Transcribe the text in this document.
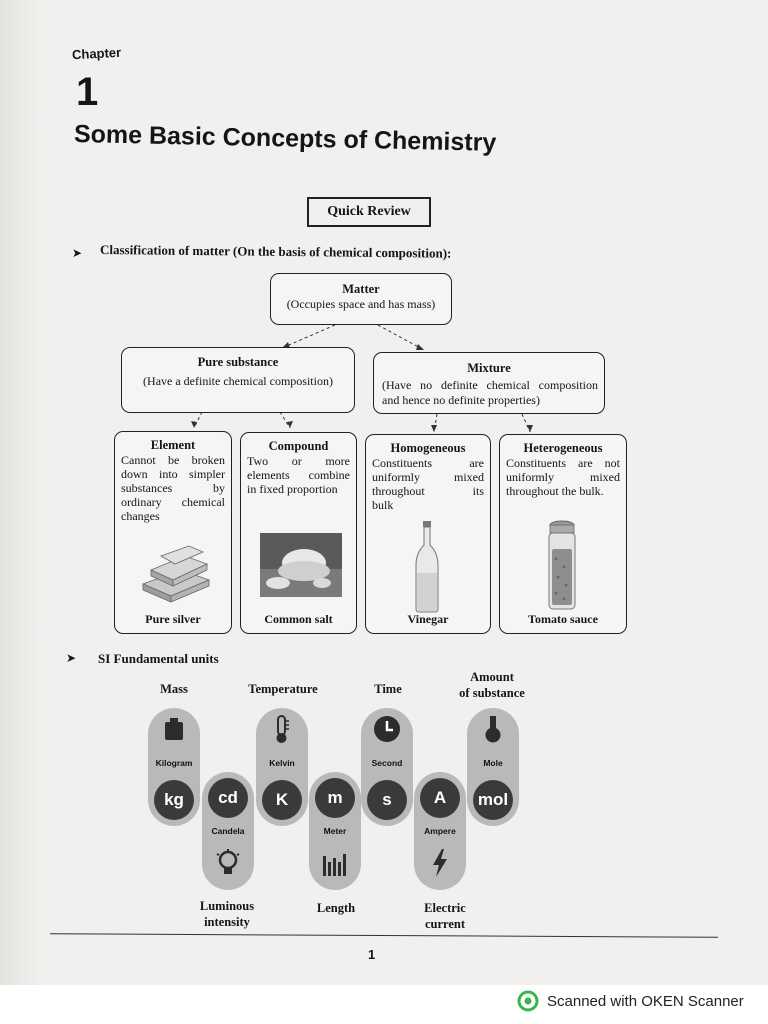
Chapter
1
Some Basic Concepts of Chemistry
Quick Review
➤ Classification of matter (On the basis of chemical composition):
Matter
(Occupies space and has mass)
Pure substance
(Have a definite chemical composition)
Mixture
(Have no definite chemical composition
and hence no definite properties)
Element
Cannot be broken
down into simpler
substances by
ordinary chemical
changes
Pure silver
Compound
Two or more
elements combine
in fixed proportion
Common salt
Homogeneous
Constituents are
uniformly mixed
throughout its
bulk
Vinegar
Heterogeneous
Constituents are not
uniformly mixed
throughout the bulk.
Tomato sauce
➤ SI Fundamental units
Mass	Temperature	Time
Amount
of substance
Kilogram
kg	cd
Candela
Kelvin
K	m
Meter
Second
s	A
Ampere
Mole
mol
Luminous
intensity
Length	Electric
current
1
Scanned with OKEN Scanner
